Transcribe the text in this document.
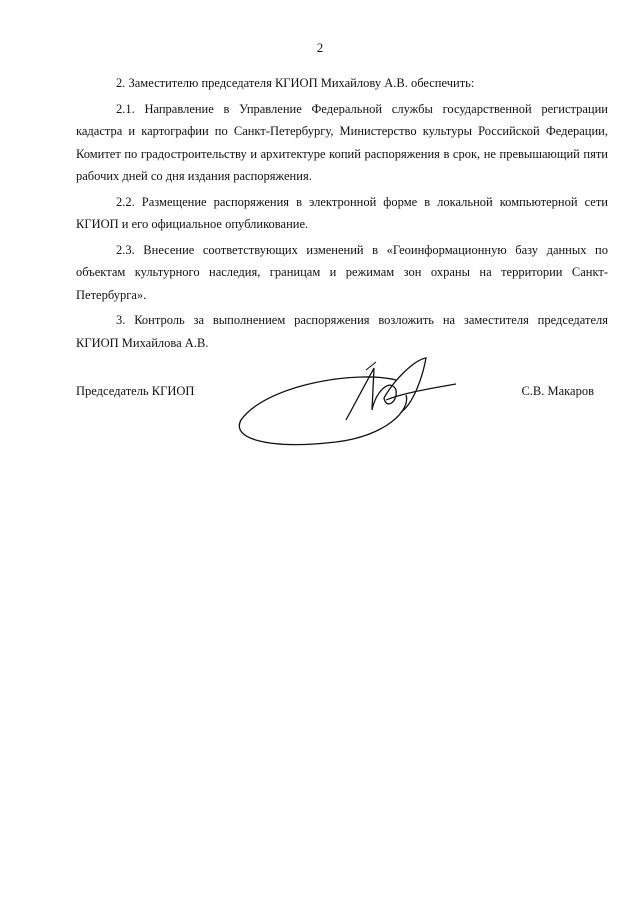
2

2. Заместителю председателя КГИОП Михайлову А.В. обеспечить:

2.1. Направление в Управление Федеральной службы государственной регистрации кадастра и картографии по Санкт-Петербургу, Министерство культуры Российской Федерации, Комитет по градостроительству и архитектуре копий распоряжения в срок, не превышающий пяти рабочих дней со дня издания распоряжения.

2.2. Размещение распоряжения в электронной форме в локальной компьютерной сети КГИОП и его официальное опубликование.

2.3. Внесение соответствующих изменений в «Геоинформационную базу данных по объектам культурного наследия, границам и режимам зон охраны на территории Санкт-Петербурга».

3. Контроль за выполнением распоряжения возложить на заместителя председателя КГИОП Михайлова А.В.

Председатель КГИОП	С.В. Макаров
